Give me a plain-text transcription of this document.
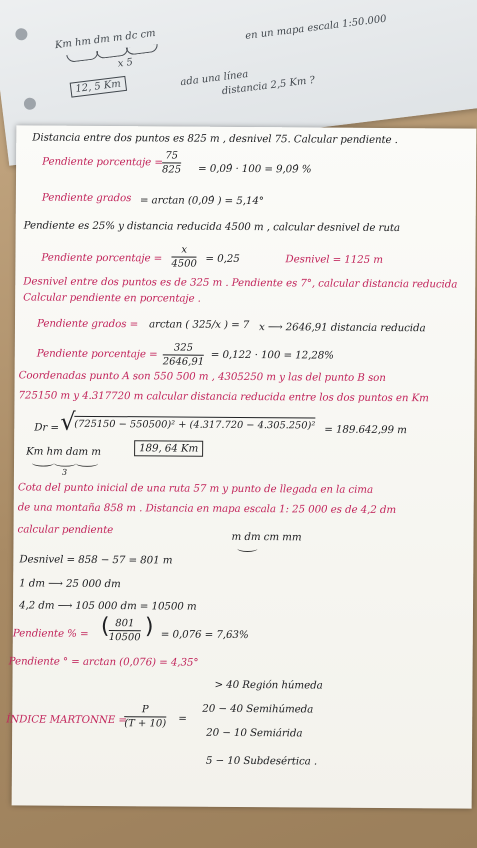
Km hm dm m dc cm
x 5
12, 5 Km
en un mapa escala 1:50.000
ada una línea
distancia 2,5 Km ?
Distancia entre dos puntos es 825 m , desnivel 75. Calcular pendiente .
Pendiente porcentaje = $\frac{75}{825}$ = 0,09̂ · 100 = 9,09̂ %
Pendiente grados = arctan (0,09̂ ) = 5,14°
Pendiente es 25% y distancia reducida 4500 m , calcular desnivel de ruta
Pendiente porcentaje = $\frac{x}{4500} = 0,25$	Desnivel = 1125 m
Desnivel entre dos puntos es de 325 m . Pendiente es 7°, calcular distancia reducida
Calcular pendiente en porcentaje .
Pendiente grados = arctan ( 325/x ) = 7 x ⟶ 2646,91 distancia reducida
Pendiente porcentaje = $\frac{325}{2646,91} = 0,122 \cdot 100 = 12,28\%$
Coordenadas punto A son 550 500 m , 4305250 m y las del punto B son
725150 m y 4.317720 m calcular distancia reducida entre los dos puntos en Km
Dr = √
(725150 − 550500)² + (4.317.720 − 4.305.250)² = 189.642,99 m
Km hm dam m
3
189, 64 Km
Cota del punto inicial de una ruta 57 m y punto de llegada en la cima
de una montaña 858 m . Distancia en mapa escala 1: 25 000 es de 4,2 dm
calcular pendiente
m dm cm mm
Desnivel = 858 − 57 = 801 m
1 dm ⟶ 25 000 dm
4,2 dm ⟶ 105 000 dm = 10500 m
Pendiente % = ( $\frac{801}{10500}$ ) = 0,076 = 7,63%
Pendiente ° = arctan (0,076) = 4,35°
> 40 Región húmeda
ÍNDICE MARTONNE =
$\frac{P}{(T + 10)}$ =
20 − 40 Semihúmeda
20 − 10 Semiárida
5 − 10 Subdesértica .
